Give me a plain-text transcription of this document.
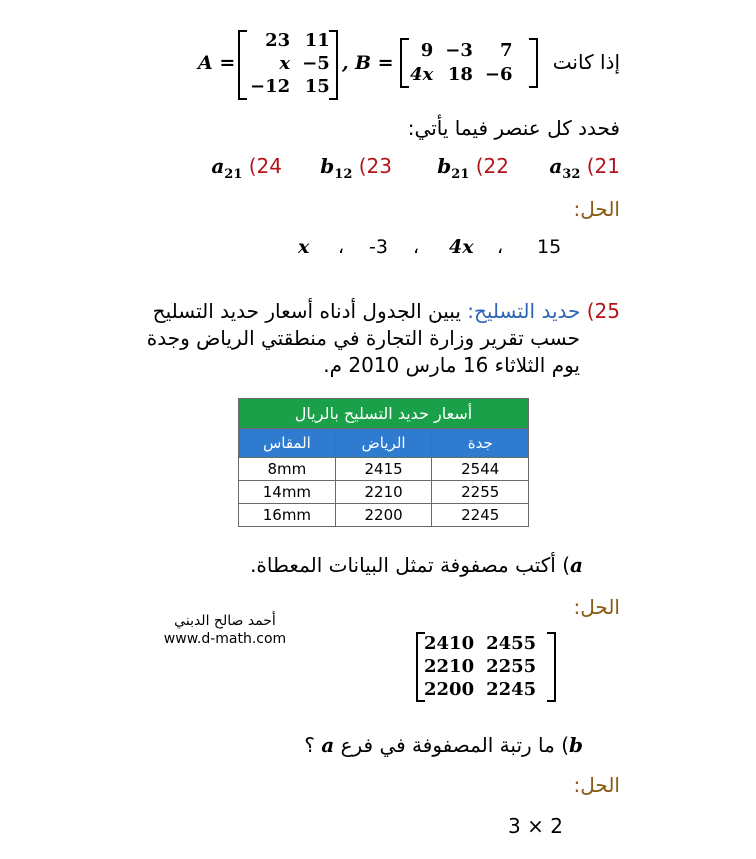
إذا كانت
B =
9	−3	7
4x	18	−6
,
A =
23	11
x	−5
−12	15
فحدد كل عنصر فيما يأتي:
$a_{32}$ (21
$b_{21}$ (22
$b_{12}$ (23
$a_{21}$ (24
الحل:
15
،
4x
،
-3
،
x
25) حديد التسليح: يبين الجدول أدناه أسعار حديد التسليح
حسب تقرير وزارة التجارة في منطقتي الرياض وجدة
يوم الثلاثاء 16 مارس 2010 م.
أسعار حديد التسليح بالريال		
المقاس	الرياض	جدة
8mm	2415	2544
14mm	2210	2255
16mm	2200	2245
a) أكتب مصفوفة تمثل البيانات المعطاة.
الحل:
أحمد صالح الدبني
www.d-math.com	2410	2455
2210	2255
2200	2245
b) ما رتبة المصفوفة في فرع a ؟
الحل:
3 × 2
